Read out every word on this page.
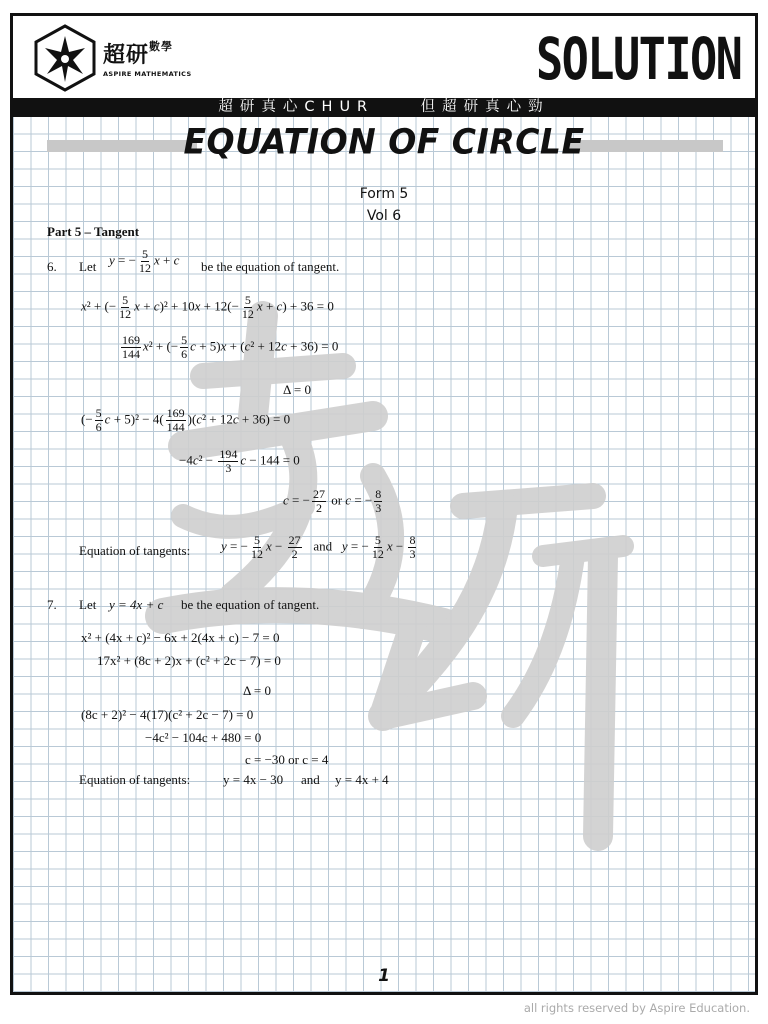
超研$^{數學}$
ASPIRE MATHEMATICS	SOLUTION
超研真心CHUR    但超研真心勁
EQUATION OF CIRCLE
Form 5
Vol 6
Part 5 – Tangent
6. Let y = − $\frac{5}{12}$ x + c be the equation of tangent.
x² + (− $\frac{5}{12}$ $x + c)^2 + 10x + 12(- \frac{5}{12}$ x + c) + 36 = 0
$\frac{169}{144} x^2$ + (− $\frac{5}{6}$ c + 5)x + (c² + 12c + 36) = 0
Δ = 0
(− $\frac{5}{6}$ $c + 5)^2 - 4( \frac{169}{144} )(c^2 + 12c + 36) = 0$
$-4c^2 - \frac{194}{3}$ c − 144 = 0
c = − $\frac{27}{2}$ or c = − $\frac{8}{3}$
Equation of tangents: y = − $\frac{5}{12}$ $x - \frac{27}{2}$ and y = − $\frac{5}{12}$ $x - \frac{8}{3}$
7. Let y = 4x + c be the equation of tangent.
x² + (4x + c)² − 6x + 2(4x + c) − 7 = 0
17x² + (8c + 2)x + (c² + 2c − 7) = 0
Δ = 0
(8c + 2)² − 4(17)(c² + 2c − 7) = 0
−4c² − 104c + 480 = 0
c = −30 or c = 4
Equation of tangents:	y = 4x − 30 and y = 4x + 4
1
all rights reserved by Aspire Education.
